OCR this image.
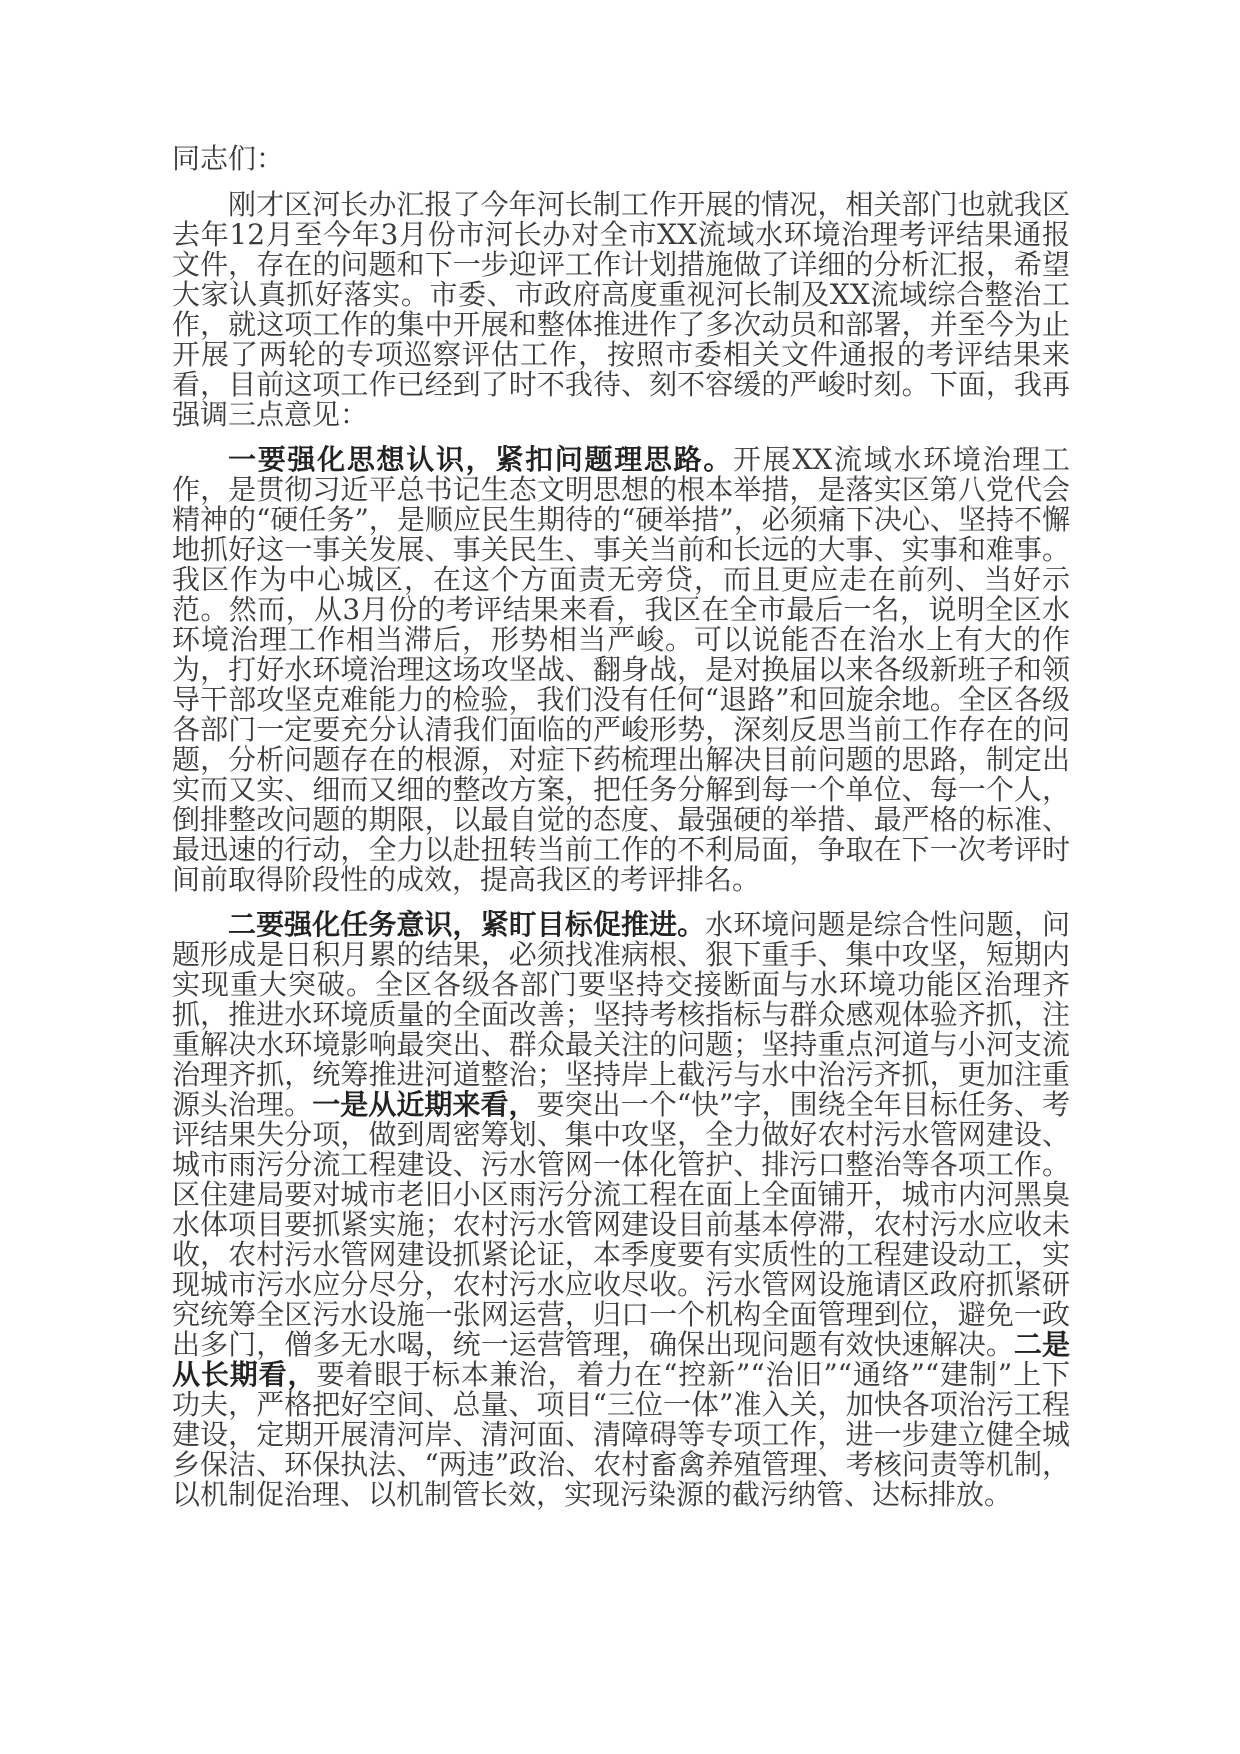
同志们：

刚才区河长办汇报了今年河长制工作开展的情况，相关部门也就我区去年12月至今年3月份市河长办对全市XX流域水环境治理考评结果通报文件，存在的问题和下一步迎评工作计划措施做了详细的分析汇报，希望大家认真抓好落实。市委、市政府高度重视河长制及XX流域综合整治工作，就这项工作的集中开展和整体推进作了多次动员和部署，并至今为止开展了两轮的专项巡察评估工作，按照市委相关文件通报的考评结果来看，目前这项工作已经到了时不我待、刻不容缓的严峻时刻。下面，我再强调三点意见：

一要强化思想认识，紧扣问题理思路。开展XX流域水环境治理工作，是贯彻习近平总书记生态文明思想的根本举措，是落实区第八党代会精神的“硬任务”，是顺应民生期待的“硬举措”，必须痛下决心、坚持不懈地抓好这一事关发展、事关民生、事关当前和长远的大事、实事和难事。我区作为中心城区，在这个方面责无旁贷，而且更应走在前列、当好示范。然而，从3月份的考评结果来看，我区在全市最后一名，说明全区水环境治理工作相当滞后，形势相当严峻。可以说能否在治水上有大的作为，打好水环境治理这场攻坚战、翻身战，是对换届以来各级新班子和领导干部攻坚克难能力的检验，我们没有任何“退路”和回旋余地。全区各级各部门一定要充分认清我们面临的严峻形势，深刻反思当前工作存在的问题，分析问题存在的根源，对症下药梳理出解决目前问题的思路，制定出实而又实、细而又细的整改方案，把任务分解到每一个单位、每一个人，倒排整改问题的期限，以最自觉的态度、最强硬的举措、最严格的标准、最迅速的行动，全力以赴扭转当前工作的不利局面，争取在下一次考评时间前取得阶段性的成效，提高我区的考评排名。

二要强化任务意识，紧盯目标促推进。水环境问题是综合性问题，问题形成是日积月累的结果，必须找准病根、狠下重手、集中攻坚，短期内实现重大突破。全区各级各部门要坚持交接断面与水环境功能区治理齐抓，推进水环境质量的全面改善；坚持考核指标与群众感观体验齐抓，注重解决水环境影响最突出、群众最关注的问题；坚持重点河道与小河支流治理齐抓，统筹推进河道整治；坚持岸上截污与水中治污齐抓，更加注重源头治理。一是从近期来看，要突出一个“快”字，围绕全年目标任务、考评结果失分项，做到周密筹划、集中攻坚，全力做好农村污水管网建设、城市雨污分流工程建设、污水管网一体化管护、排污口整治等各项工作。区住建局要对城市老旧小区雨污分流工程在面上全面铺开，城市内河黑臭水体项目要抓紧实施；农村污水管网建设目前基本停滞，农村污水应收未收，农村污水管网建设抓紧论证，本季度要有实质性的工程建设动工，实现城市污水应分尽分，农村污水应收尽收。污水管网设施请区政府抓紧研究统筹全区污水设施一张网运营，归口一个机构全面管理到位，避免一政出多门，僧多无水喝，统一运营管理，确保出现问题有效快速解决。二是从长期看，要着眼于标本兼治，着力在“控新”“治旧”“通络”“建制”上下功夫，严格把好空间、总量、项目“三位一体”准入关，加快各项治污工程建设，定期开展清河岸、清河面、清障碍等专项工作，进一步建立健全城乡保洁、环保执法、“两违”政治、农村畜禽养殖管理、考核问责等机制，以机制促治理、以机制管长效，实现污染源的截污纳管、达标排放。
